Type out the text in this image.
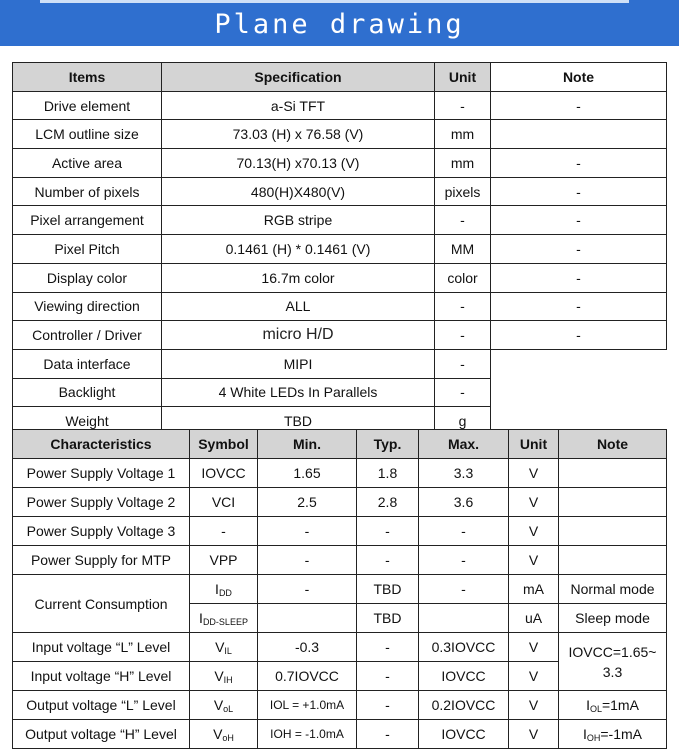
Plane drawing
Items	Specification	Unit	Note
Drive element	a-Si TFT	-	-
LCM outline size	73.03 (H) x 76.58 (V)	mm	
Active area	70.13(H) x70.13 (V)	mm	-
Number of pixels	480(H)X480(V)	pixels	-
Pixel arrangement	RGB stripe	-	-
Pixel Pitch	0.1461 (H) * 0.1461 (V)	MM	-
Display color	16.7m color	color	-
Viewing direction	ALL	-	-
Controller / Driver	micro H/D	-	-
Data interface	MIPI	-	
Backlight	4 White LEDs In Parallels	-	
Weight	TBD	g	
Characteristics	Symbol	Min.	Typ.	Max.	Unit	Note
Power Supply Voltage 1	IOVCC	1.65	1.8	3.3	V	
Power Supply Voltage 2	VCI	2.5	2.8	3.6	V	
Power Supply Voltage 3	-	-	-	-	V	
Power Supply for MTP	VPP	-	-	-	V	
Current Consumption	$I_{DD}$	-	TBD	-	mA	Normal mode
	$I_{DD-SLEEP}$		TBD		uA	Sleep mode
Input voltage “L” Level	$V_{IL}$	-0.3	-	0.3IOVCC	V	IOVCC=1.65~ 3.3
Input voltage “H” Level	$V_{IH}$	0.7IOVCC	-	IOVCC	V	
Output voltage “L” Level	$V_{oL}$	IOL = +1.0mA	-	0.2IOVCC	V	$I_{OL}=1mA$
Output voltage “H” Level	$V_{oH}$	IOH = -1.0mA	-	IOVCC	V	$I_{OH}=-1mA$
